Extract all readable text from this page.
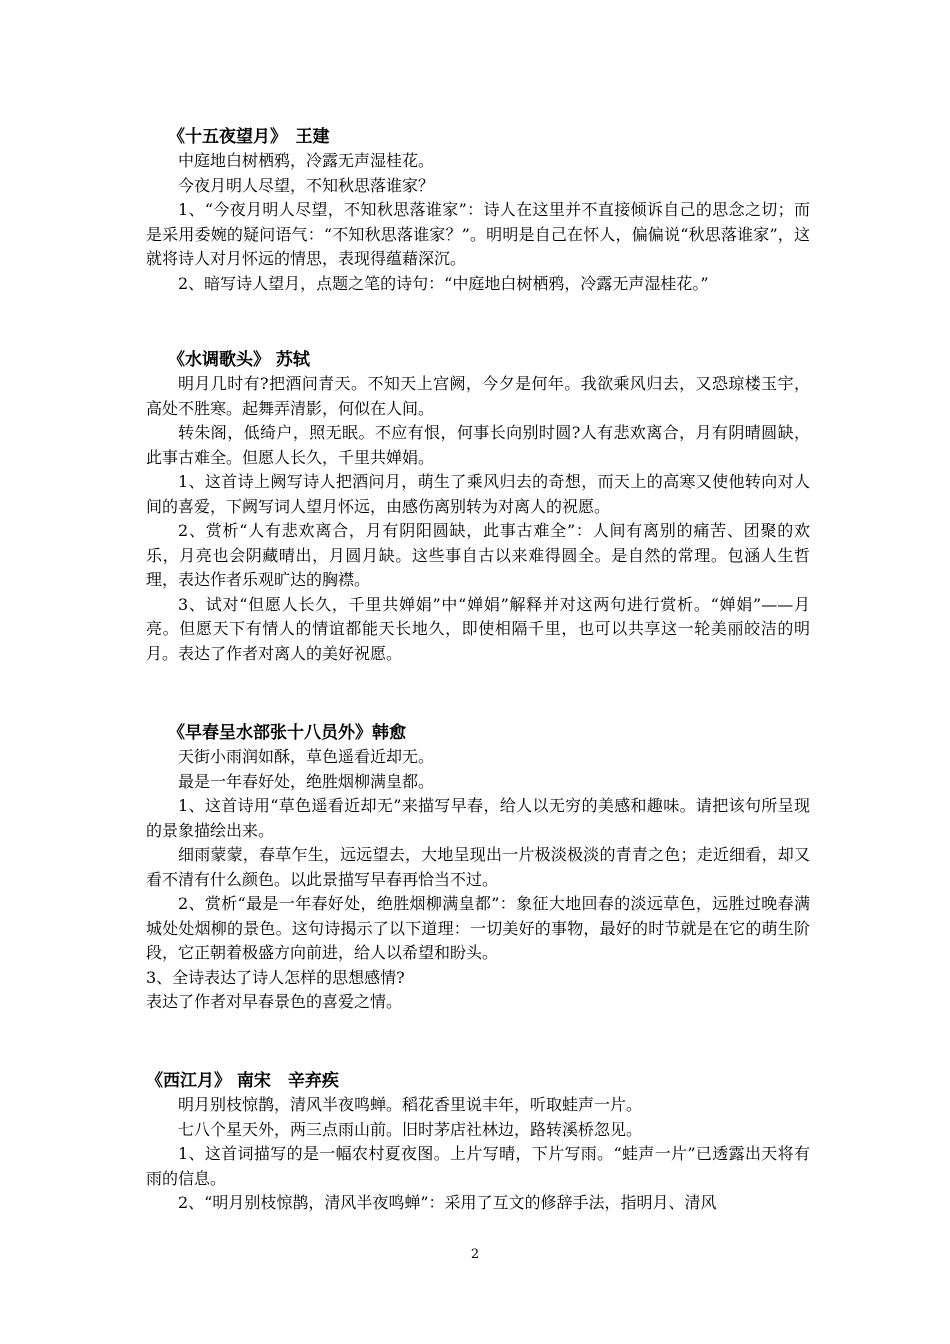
《十五夜望月》　王建

中庭地白树栖鸦，冷露无声湿桂花。

今夜月明人尽望，不知秋思落谁家？

1、“今夜月明人尽望，不知秋思落谁家”：诗人在这里并不直接倾诉自己的思念之切；而是采用委婉的疑问语气：“不知秋思落谁家？”。明明是自己在怀人，偏偏说“秋思落谁家”，这就将诗人对月怀远的情思，表现得蕴藉深沉。

2、暗写诗人望月，点题之笔的诗句：“中庭地白树栖鸦，冷露无声湿桂花。”

《水调歌头》 苏轼

明月几时有?把酒问青天。不知天上宫阙，今夕是何年。我欲乘风归去，又恐琼楼玉宇，高处不胜寒。起舞弄清影，何似在人间。

转朱阁，低绮户，照无眠。不应有恨，何事长向别时圆?人有悲欢离合，月有阴晴圆缺，此事古难全。但愿人长久，千里共婵娟。

1、这首诗上阙写诗人把酒问月，萌生了乘风归去的奇想，而天上的高寒又使他转向对人间的喜爱，下阙写词人望月怀远，由感伤离别转为对离人的祝愿。

2、赏析“人有悲欢离合，月有阴阳圆缺，此事古难全”：人间有离别的痛苦、团聚的欢乐，月亮也会阴藏晴出，月圆月缺。这些事自古以来难得圆全。是自然的常理。包涵人生哲理，表达作者乐观旷达的胸襟。

3、试对“但愿人长久，千里共婵娟”中“婵娟”解释并对这两句进行赏析。“婵娟”——月亮。但愿天下有情人的情谊都能天长地久，即使相隔千里，也可以共享这一轮美丽皎洁的明月。表达了作者对离人的美好祝愿。

《早春呈水部张十八员外》韩愈

天街小雨润如酥，草色遥看近却无。

最是一年春好处，绝胜烟柳满皇都。

1、这首诗用“草色遥看近却无”来描写早春，给人以无穷的美感和趣味。请把该句所呈现的景象描绘出来。

细雨蒙蒙，春草乍生，远远望去，大地呈现出一片极淡极淡的青青之色；走近细看，却又看不清有什么颜色。以此景描写早春再恰当不过。

2、赏析“最是一年春好处，绝胜烟柳满皇都”：象征大地回春的淡远草色，远胜过晚春满城处处烟柳的景色。这句诗揭示了以下道理：一切美好的事物，最好的时节就是在它的萌生阶段，它正朝着极盛方向前进，给人以希望和盼头。

3、全诗表达了诗人怎样的思想感情?

表达了作者对早春景色的喜爱之情。

《西江月》 南宋　辛弃疾

明月别枝惊鹊，清风半夜鸣蝉。稻花香里说丰年，听取蛙声一片。

七八个星天外，两三点雨山前。旧时茅店社林边，路转溪桥忽见。

1、这首词描写的是一幅农村夏夜图。上片写晴，下片写雨。“蛙声一片”已透露出天将有雨的信息。

2、“明月别枝惊鹊，清风半夜鸣蝉”：采用了互文的修辞手法，指明月、清风

2
